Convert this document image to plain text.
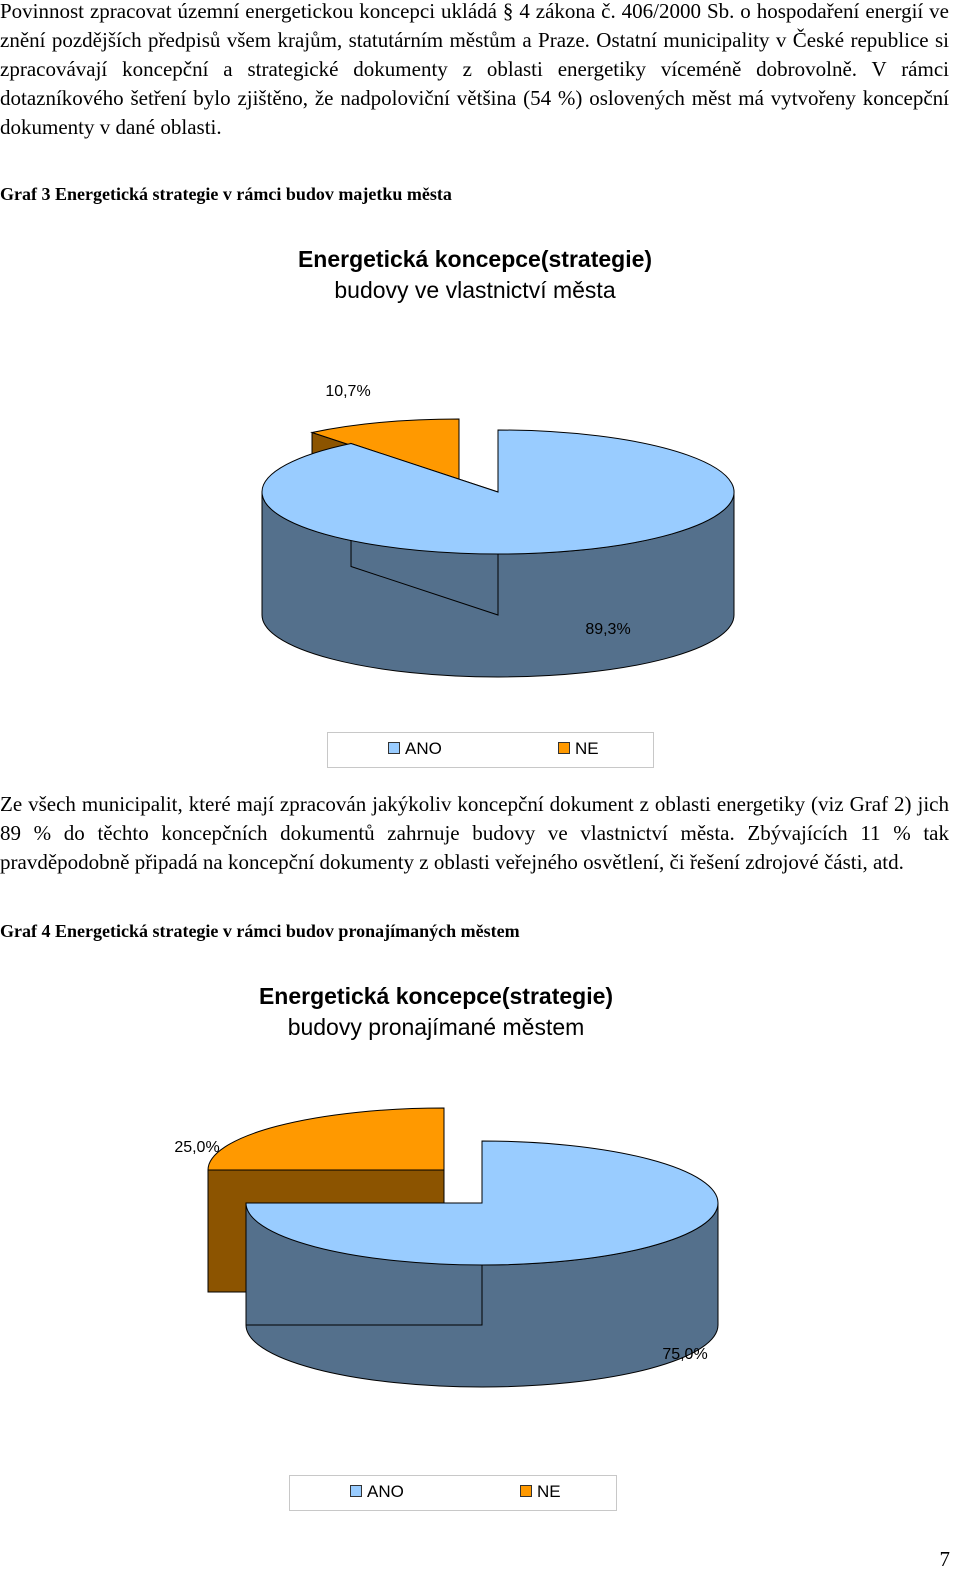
Povinnost zpracovat územní energetickou koncepci ukládá § 4 zákona č. 406/2000 Sb. o hospodaření energií ve znění pozdějších předpisů všem krajům, statutárním městům a Praze. Ostatní municipality v České republice si zpracovávají koncepční a strategické dokumenty z oblasti energetiky víceméně dobrovolně. V rámci dotazníkového šetření bylo zjištěno, že nadpoloviční většina (54 %) oslovených měst má vytvořeny koncepční dokumenty v dané oblasti.

Graf 3 Energetická strategie v rámci budov majetku města

Energetická koncepce(strategie)
budovy ve vlastnictví města
10,7%
89,3%
ANO	NE

Ze všech municipalit, které mají zpracován jakýkoliv koncepční dokument z oblasti energetiky (viz Graf 2) jich 89 % do těchto koncepčních dokumentů zahrnuje budovy ve vlastnictví města. Zbývajících 11 % tak pravděpodobně připadá na koncepční dokumenty z oblasti veřejného osvětlení, či řešení zdrojové části, atd.

Graf 4 Energetická strategie v rámci budov pronajímaných městem

Energetická koncepce(strategie)
budovy pronajímané městem
25,0%
75,0%
ANO	NE
7
